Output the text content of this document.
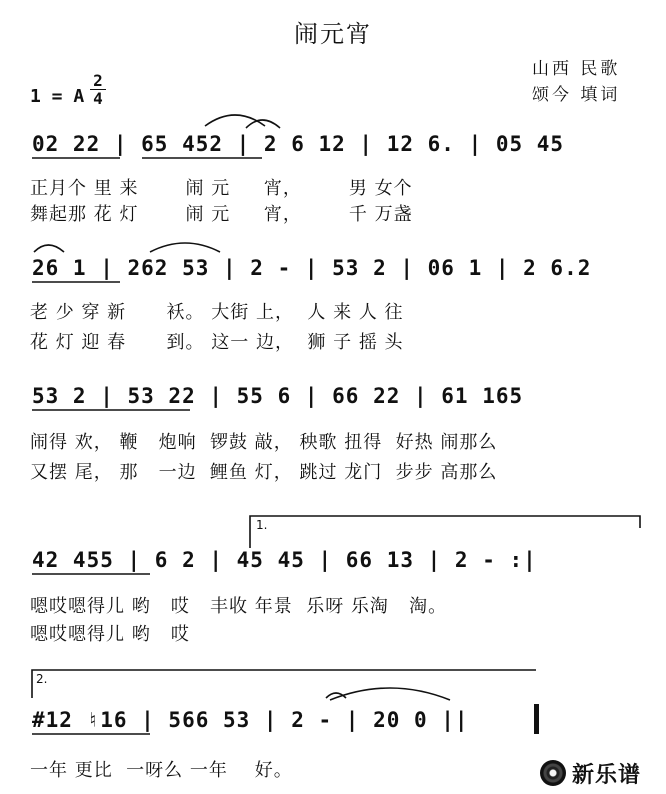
闹元宵
山西 民歌
颂今 填词
1 = A $\frac{2}{4}$
02 22 | 65 452 | 2 6 12 | 12 6. | 05 45
正月个 里 来       闹 元     宵，       男 女个
舞起那 花 灯       闹 元     宵，       千 万盏
26 1 | 262 53 | 2 - | 53 2 | 06 1 | 2 6.2
老 少 穿 新      袄。 大街 上，  人 来 人 往
花 灯 迎 春      到。 这一 边，  狮 子 摇 头
53 2 | 53 22 | 55 6 | 66 22 | 61 165
闹得 欢， 鞭   炮响  锣鼓 敲， 秧歌 扭得  好热 闹那么
又摆 尾， 那   一边  鲤鱼 灯， 跳过 龙门  步步 高那么
1.
42 455 | 6 2 | 45 45 | 66 13 | 2 - :|
嗯哎嗯得儿 哟   哎   丰收 年景  乐呀 乐淘   淘。
嗯哎嗯得儿 哟   哎
2.
#12 ♮16 | 566 53 | 2 - | 20 0 ||
一年 更比  一呀么 一年    好。	新乐谱
